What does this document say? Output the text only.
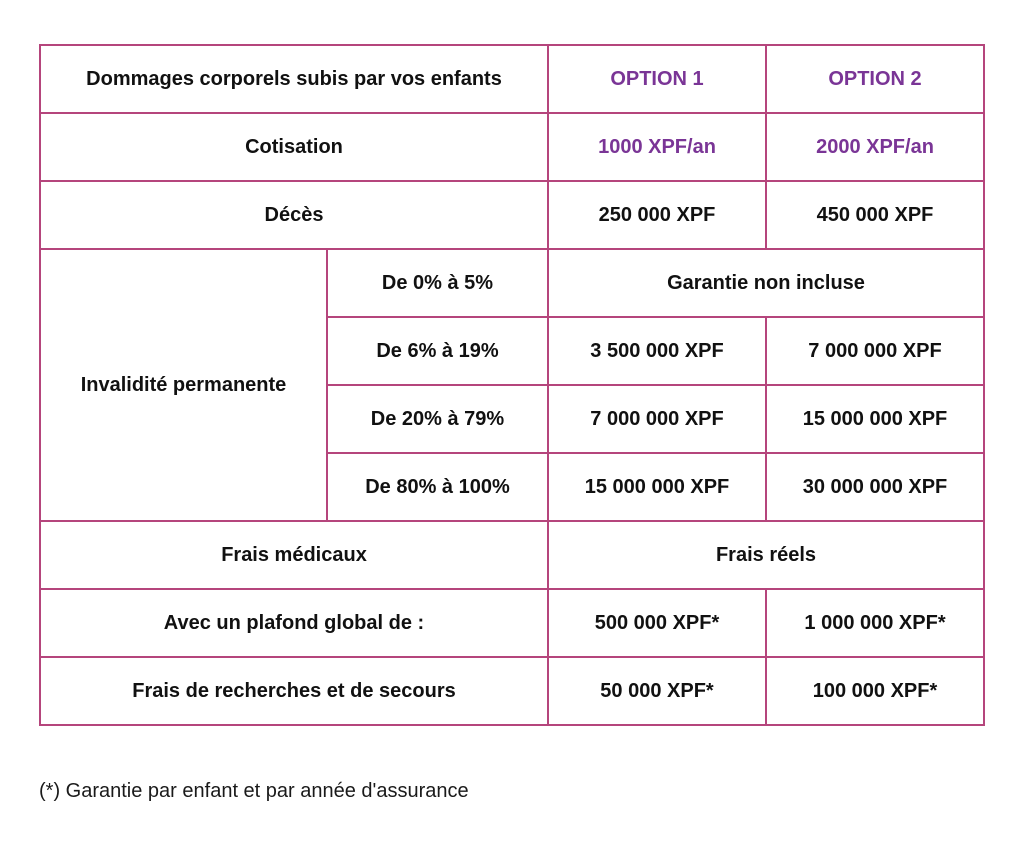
Dommages corporels subis par vos enfants		OPTION 1	OPTION 2
Cotisation		1000 XPF/an	2000 XPF/an
Décès		250 000 XPF	450 000 XPF
Invalidité permanente	De 0% à 5%	Garantie non incluse	
	De 6% à 19%	3 500 000 XPF	7 000 000 XPF
	De 20% à 79%	7 000 000 XPF	15 000 000 XPF
	De 80% à 100%	15 000 000 XPF	30 000 000 XPF
Frais médicaux		Frais réels	
Avec un plafond global de :		500 000 XPF*	1 000 000 XPF*
Frais de recherches et de secours		50 000 XPF*	100 000 XPF*
(*) Garantie par enfant et par année d'assurance
